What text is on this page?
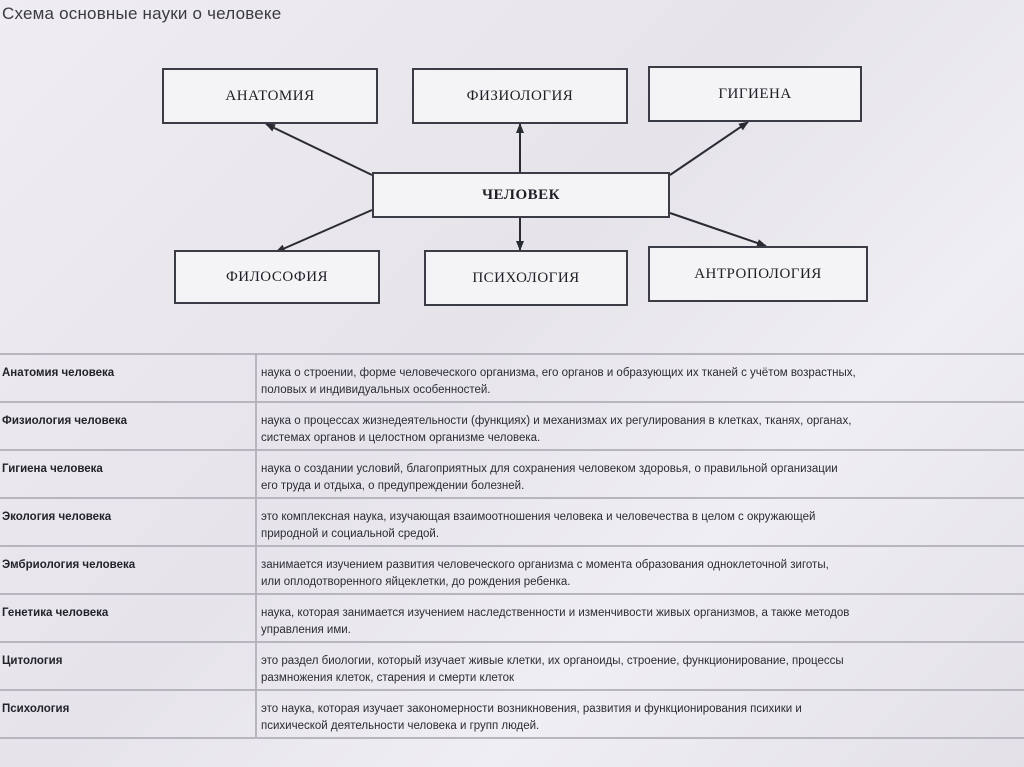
Схема основные науки о человеке
АНАТОМИЯ	ФИЗИОЛОГИЯ	ГИГИЕНА
ЧЕЛОВЕК
ФИЛОСОФИЯ	ПСИХОЛОГИЯ	АНТРОПОЛОГИЯ
Анатомия человека	наука о строении, форме человеческого организма, его органов и образующих их тканей с учётом возрастных,
половых и индивидуальных особенностей.

Физиология человека	наука о процессах жизнедеятельности (функциях) и механизмах их регулирования в клетках, тканях, органах,
системах органов и целостном организме человека.

Гигиена человека	наука о создании условий, благоприятных для сохранения человеком здоровья, о правильной организации
его труда и отдыха, о предупреждении болезней.

Экология человека	это комплексная наука, изучающая взаимоотношения человека и человечества в целом с окружающей
природной и социальной средой.

Эмбриология человека	занимается изучением развития человеческого организма с момента образования одноклеточной зиготы,
или оплодотворенного яйцеклетки, до рождения ребенка.

Генетика человека	наука, которая занимается изучением наследственности и изменчивости живых организмов, а также методов
управления ими.

Цитология	это раздел биологии, который изучает живые клетки, их органоиды, строение, функционирование, процессы
размножения клеток, старения и смерти клеток

Психология	это наука, которая изучает закономерности возникновения, развития и функционирования психики и
психической деятельности человека и групп людей.
